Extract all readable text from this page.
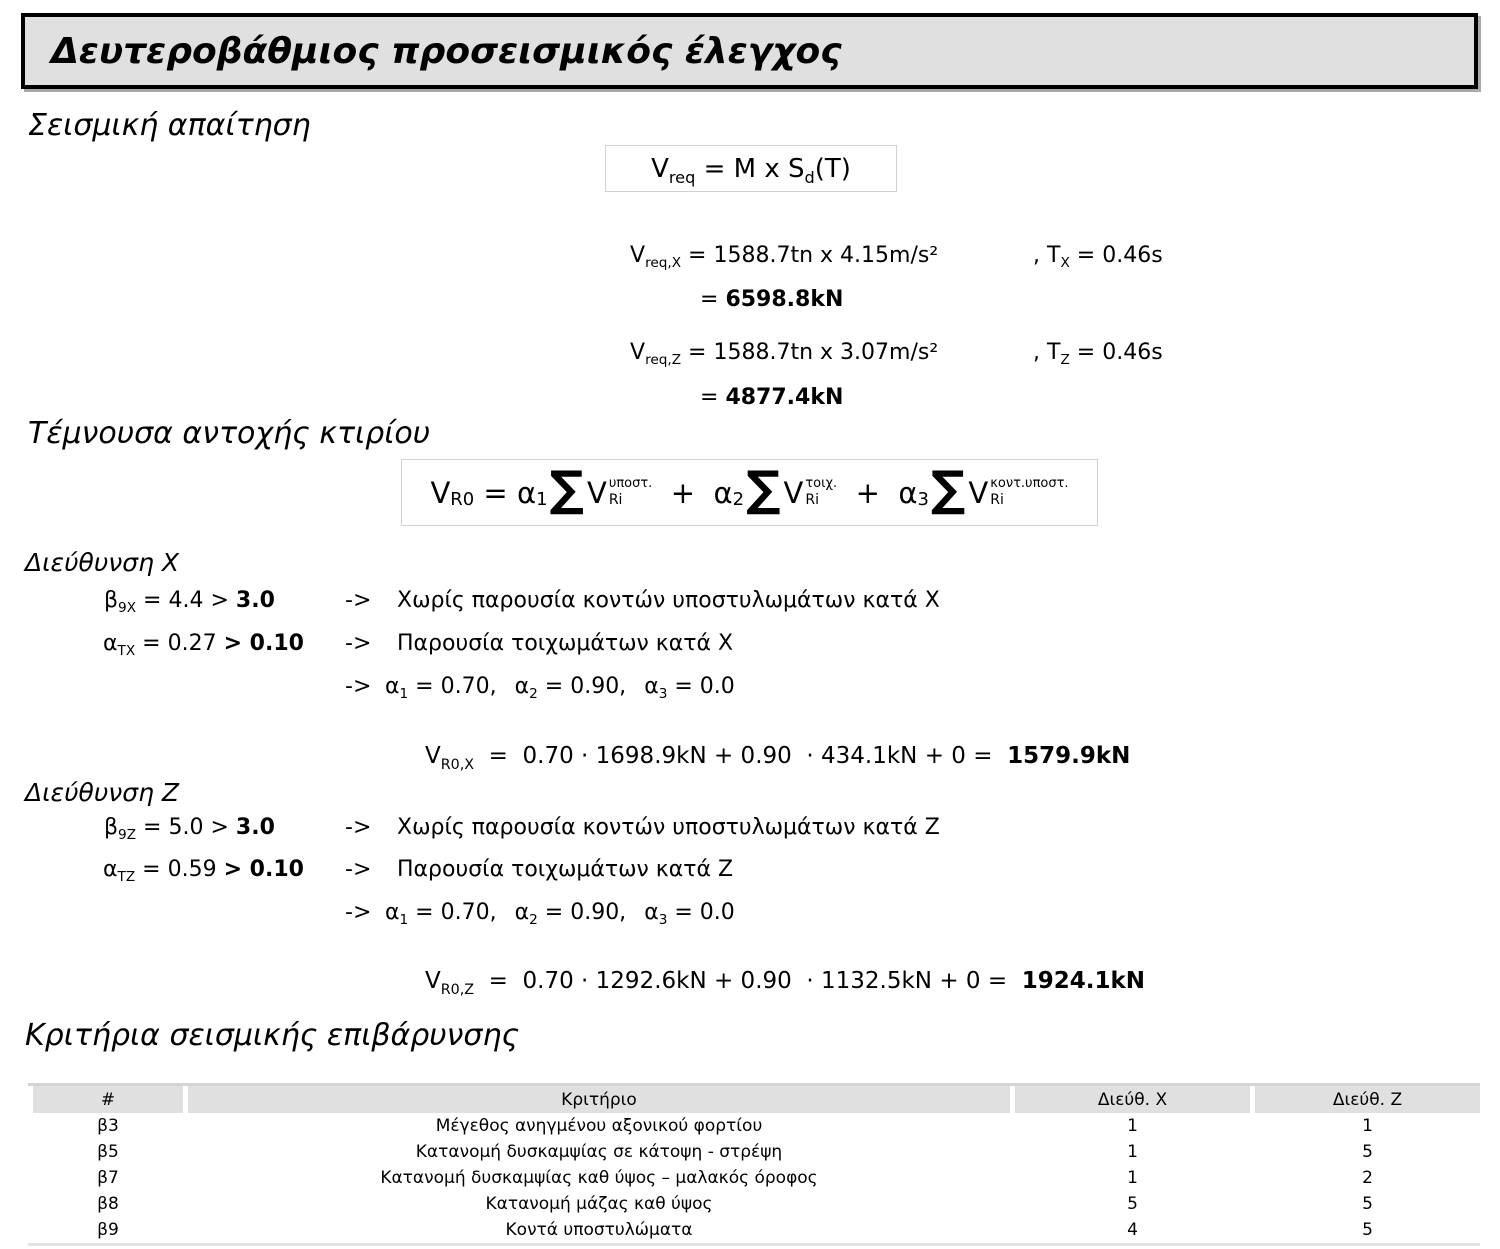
Δευτεροβάθμιος προσεισμικός έλεγχος
Σεισμική απαίτηση
$V_{req} = M$ x $S_d(T)$
$V_{req,X} = 1588.7tn$ x 4.15m/s²	, $T_X = 0.46s$
= 6598.8kN
$V_{req,Z} = 1588.7tn$ x 3.07m/s²	, $T_Z = 0.46s$
= 4877.4kN
Τέμνουσα αντοχής κτιρίου
V R0 = α 1 ∑ V υποστ.
Ri + α 2 ∑ V τοιχ.
Ri + α 3 ∑ V κοντ.υποστ.
Ri
Διεύθυνση X
$\beta_{9X} = 4.4 > 3.0$	-> Χωρίς παρουσία κοντών υποστυλωμάτων κατά Χ
$\alpha_{TX} = 0.27 > 0.10 -> \Pi\alpha\rho o\upsilon\sigma ί\alpha$ τοιχωμάτων κατά Χ
-> $\alpha_1 = 0.70$, $\alpha_2 = 0.90$, $\alpha_3 = 0.0$
$V_{R0,X} = 0.70 \cdot 1698.9kN + 0.90 \cdot 434.1kN + 0 = 1579.9kN$
Διεύθυνση Z
$\beta_{9Z} = 5.0 > 3.0$	-> Χωρίς παρουσία κοντών υποστυλωμάτων κατά Z
$\alpha_{TZ} = 0.59 > 0.10 -> \Pi\alpha\rho o\upsilon\sigma ί\alpha$ τοιχωμάτων κατά Z
-> $\alpha_1 = 0.70$, $\alpha_2 = 0.90$, $\alpha_3 = 0.0$
$V_{R0,Z} = 0.70 \cdot 1292.6kN + 0.90 \cdot 1132.5kN + 0 = 1924.1kN$
Κριτήρια σεισμικής επιβάρυνσης
#	Κριτήριο	Διεύθ. X	Διεύθ. Z
β3	Μέγεθος ανηγμένου αξονικού φορτίου	1	1
β5	Κατανομή δυσκαμψίας σε κάτοψη - στρέψη	1	5
β7	Κατανομή δυσκαμψίας καθ ύψος – μαλακός όροφος	1	2
β8	Κατανομή μάζας καθ ύψος	5	5
β9	Κοντά υποστυλώματα	4	5
